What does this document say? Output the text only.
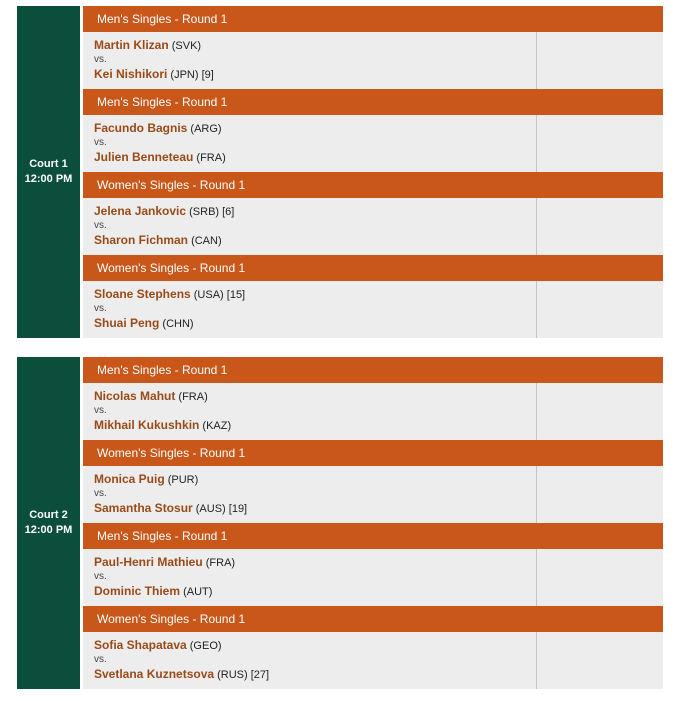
Court 1
12:00 PM
Men's Singles - Round 1
Martin Klizan (SVK)
vs.
Kei Nishikori (JPN) [9]
Men's Singles - Round 1
Facundo Bagnis (ARG)
vs.
Julien Benneteau (FRA)
Women's Singles - Round 1
Jelena Jankovic (SRB) [6]
vs.
Sharon Fichman (CAN)
Women's Singles - Round 1
Sloane Stephens (USA) [15]
vs.
Shuai Peng (CHN)
Court 2
12:00 PM
Men's Singles - Round 1
Nicolas Mahut (FRA)
vs.
Mikhail Kukushkin (KAZ)
Women's Singles - Round 1
Monica Puig (PUR)
vs.
Samantha Stosur (AUS) [19]
Men's Singles - Round 1
Paul-Henri Mathieu (FRA)
vs.
Dominic Thiem (AUT)
Women's Singles - Round 1
Sofia Shapatava (GEO)
vs.
Svetlana Kuznetsova (RUS) [27]
